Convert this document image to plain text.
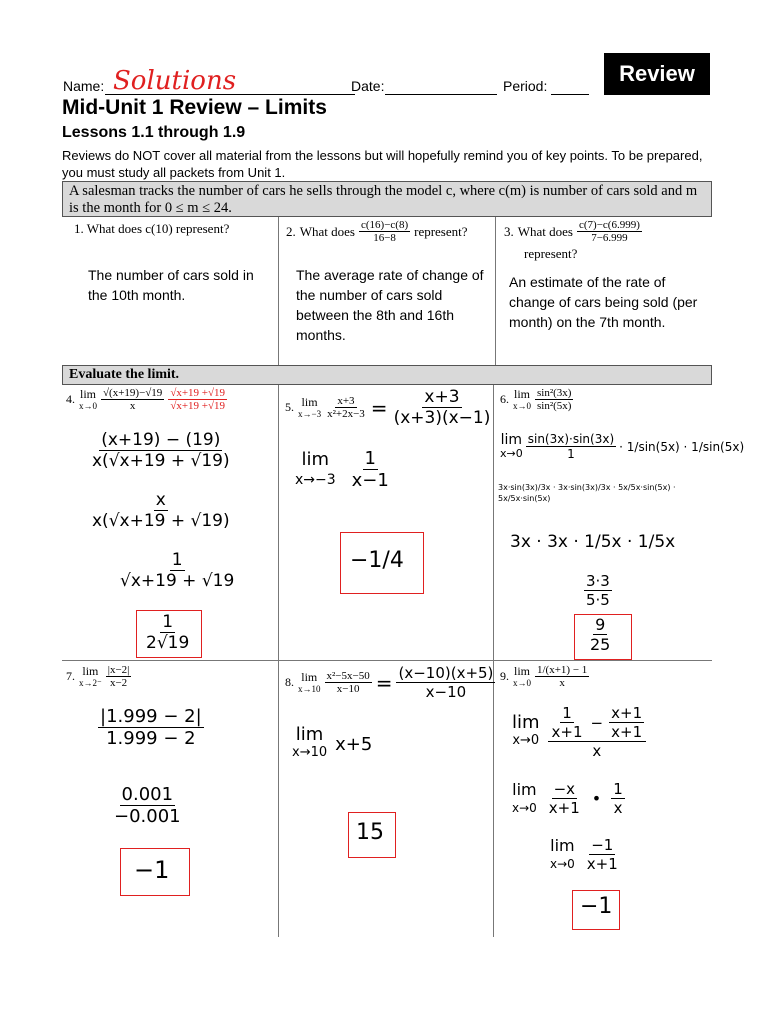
Name: Solutions	Date:	Period:	Review
Mid-Unit 1 Review – Limits
Lessons 1.1 through 1.9
Reviews do NOT cover all material from the lessons but will hopefully remind you of key points. To be prepared, you must study all packets from Unit 1.
A salesman tracks the number of cars he sells through the model c, where c(m) is number of cars sold and m is the month for 0 ≤ m ≤ 24.
1. What does c(10) represent?
The number of cars sold in the 10th month.
2. What does $\frac{c(16)-c(8)}{16-8}$ represent?
The average rate of change of the number of cars sold between the 8th and 16th months.
3. What does $\frac{c(7)-c(6.999)}{7-6.999}$
represent?
An estimate of the rate of change of cars being sold (per month) on the 7th month.
Evaluate the limit.
4. lim
$x\to 0 \frac{√(x+19)-√19}{x} \frac{√x+19 +√19}{√x+19 +√19}$
$\frac{(x+19) - (19)}{x(√x+19 + √19)}$
$\frac{x}{x(√x+19 + √19)}$
$\frac{1}{√x+19 + √19}$
$\frac{1}{2√19}$
5. lim
$x\to-3 \frac{x+3}{\text{x²+2x−3}} = \frac{x+3}{(x+3)(x-1)}$
lim
$x\to-3 \frac{1}{x-1}$
−1/4
6. lim
$x\to 0 \frac{\text{sin²(3x)}}{\text{sin²(5x)}}$
lim
$x\to 0 \frac{\sin(3x)\cdot\sin(3x)}{1} \cdot 1/\sin(5x) \cdot 1/\sin(5x)$
3x·sin(3x)/3x · 3x·sin(3x)/3x · 5x/5x·sin(5x) · 5x/5x·sin(5x)
3x · 3x · 1/5x · 1/5x
$\frac{3\cdot 3}{5\cdot 5}$
$\frac{9}{25}$
7. lim
$x\to 2^- \frac{|x-2|}{x-2}$
$\frac{|1.999 - 2|}{1.999 - 2}$
$\frac{0.001}{-0.001}$
−1
8. lim
$x\to 10 \frac{\text{x²−5x−50}}{x-10} = \frac{(x-10)(x+5)}{x-10}$
lim
x→10 x+5
15
9. lim
$x\to 0 \frac{1/(x+1) - 1}{x}$
lim
$x\to 0 \frac{\frac{1}{x+1} - \frac{x+1}{x+1}}{x}$
lim
$x\to 0 \frac{-x}{x+1}$ • $\frac{1}{x}$
lim
$x\to 0 \frac{-1}{x+1}$
−1
